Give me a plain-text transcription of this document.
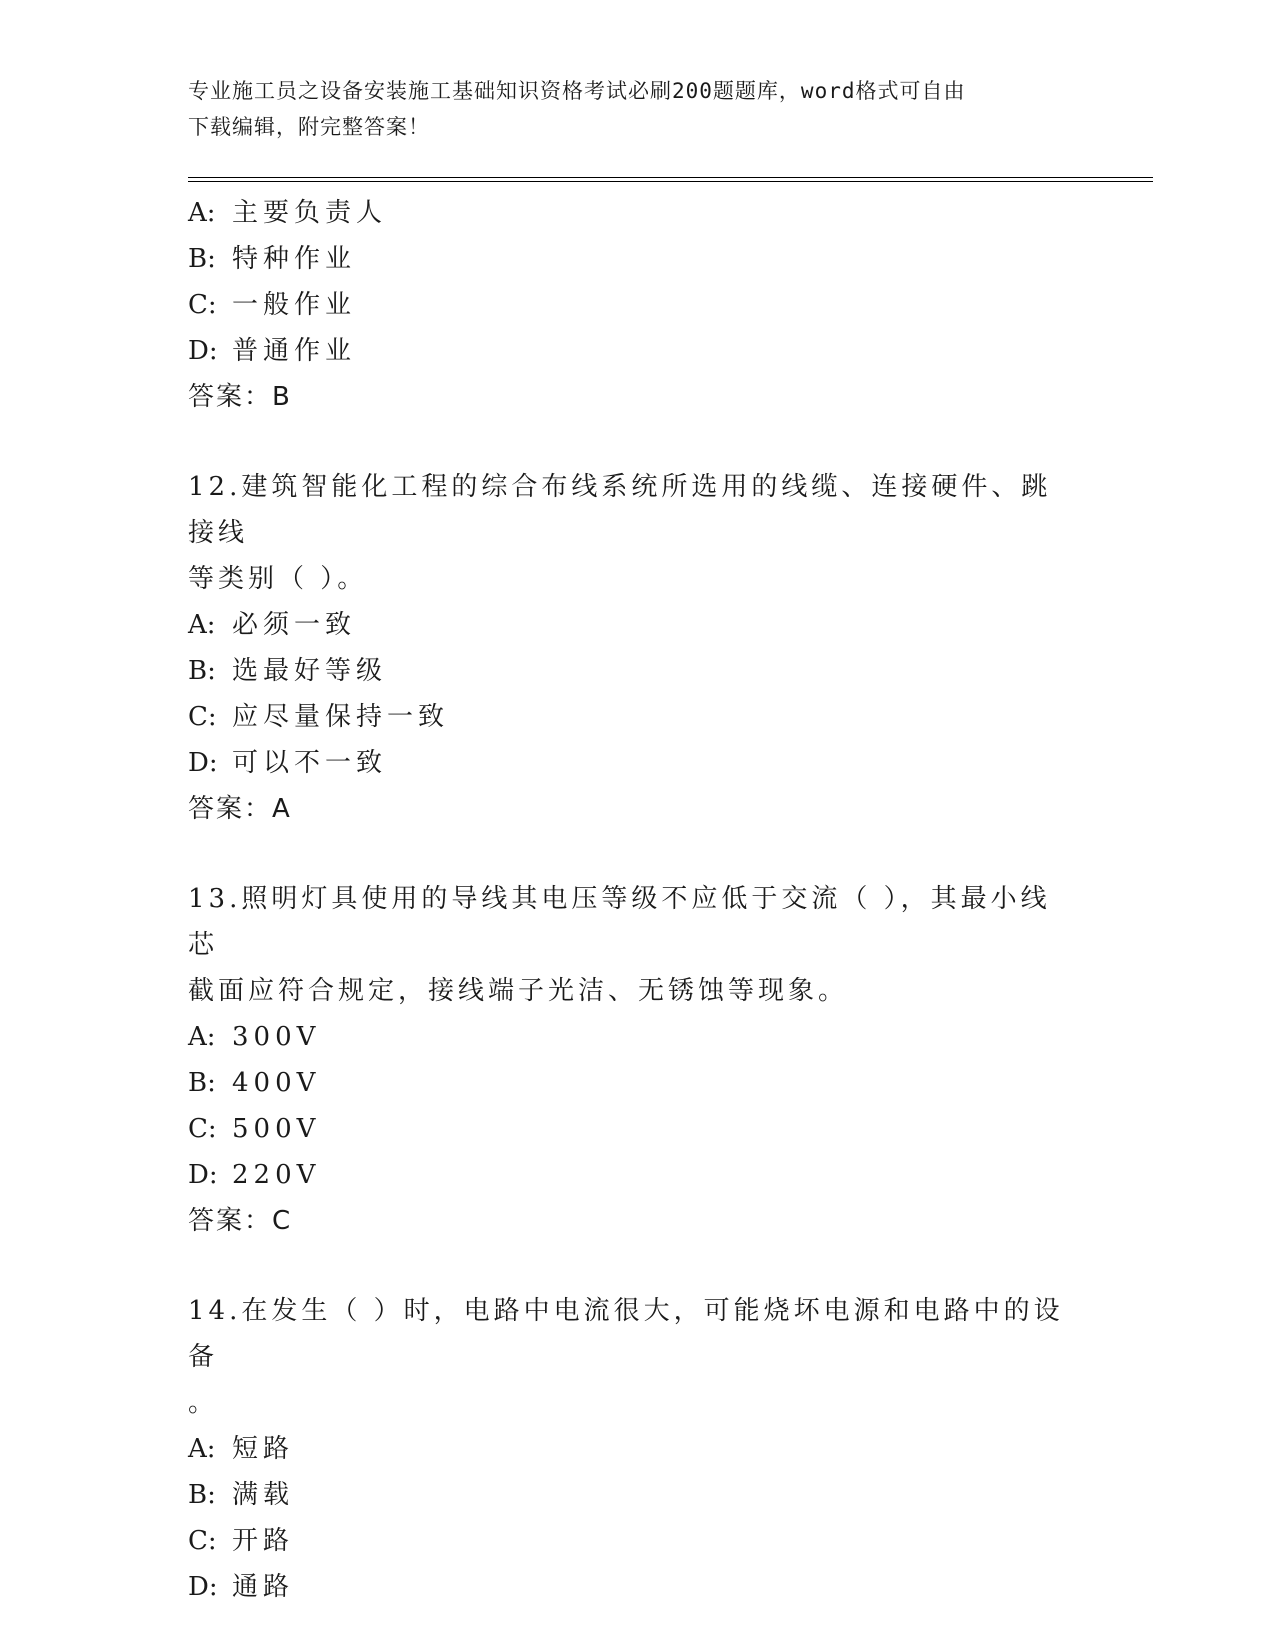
专业施工员之设备安装施工基础知识资格考试必刷200题题库，word格式可自由
下载编辑，附完整答案！
A: 主要负责人
B: 特种作业
C: 一般作业
D: 普通作业
答案：B
12.建筑智能化工程的综合布线系统所选用的线缆、连接硬件、跳接线
等类别（ ）。
A: 必须一致
B: 选最好等级
C: 应尽量保持一致
D: 可以不一致
答案：A
13.照明灯具使用的导线其电压等级不应低于交流（ ），其最小线芯
截面应符合规定，接线端子光洁、无锈蚀等现象。
A: 300V
B: 400V
C: 500V
D: 220V
答案：C
14.在发生（ ）时，电路中电流很大，可能烧坏电源和电路中的设备
。
A: 短路
B: 满载
C: 开路
D: 通路
